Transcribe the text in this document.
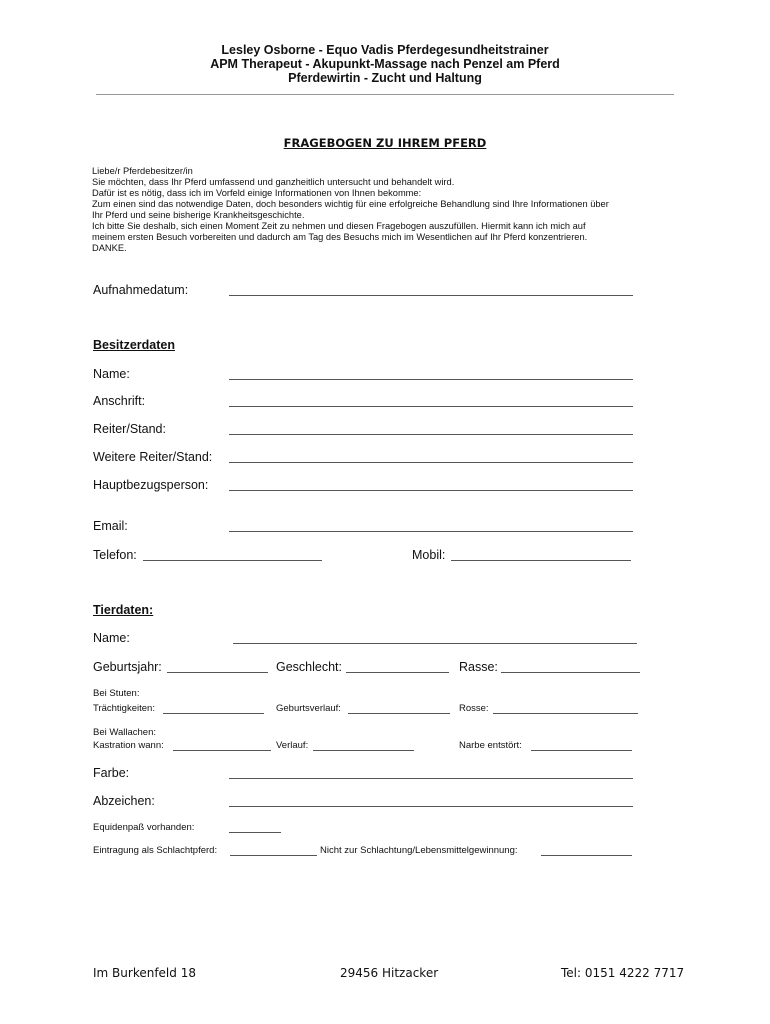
Lesley Osborne - Equo Vadis Pferdegesundheitstrainer
APM Therapeut - Akupunkt-Massage nach Penzel am Pferd
Pferdewirtin - Zucht und Haltung
FRAGEBOGEN ZU IHREM PFERD
Liebe/r Pferdebesitzer/in
Sie möchten, dass Ihr Pferd umfassend und ganzheitlich untersucht und behandelt wird.
Dafür ist es nötig, dass ich im Vorfeld einige Informationen von Ihnen bekomme:
Zum einen sind das notwendige Daten, doch besonders wichtig für eine erfolgreiche Behandlung sind Ihre Informationen über
Ihr Pferd und seine bisherige Krankheitsgeschichte.
Ich bitte Sie deshalb, sich einen Moment Zeit zu nehmen und diesen Fragebogen auszufüllen. Hiermit kann ich mich auf
meinem ersten Besuch vorbereiten und dadurch am Tag des Besuchs mich im Wesentlichen auf Ihr Pferd konzentrieren.
DANKE.
Aufnahmedatum:
Besitzerdaten
Name:
Anschrift:
Reiter/Stand:
Weitere Reiter/Stand:
Hauptbezugsperson:
Email:
Telefon:	Mobil:
Tierdaten:
Name:
Geburtsjahr:	Geschlecht:	Rasse:
Bei Stuten:
Trächtigkeiten:	Geburtsverlauf:	Rosse:
Bei Wallachen:
Kastration wann:	Verlauf:	Narbe entstört:
Farbe:
Abzeichen:
Equidenpaß vorhanden:
Eintragung als Schlachtpferd:	Nicht zur Schlachtung/Lebensmittelgewinnung:
Im Burkenfeld 18	29456 Hitzacker	Tel: 0151 4222 7717
